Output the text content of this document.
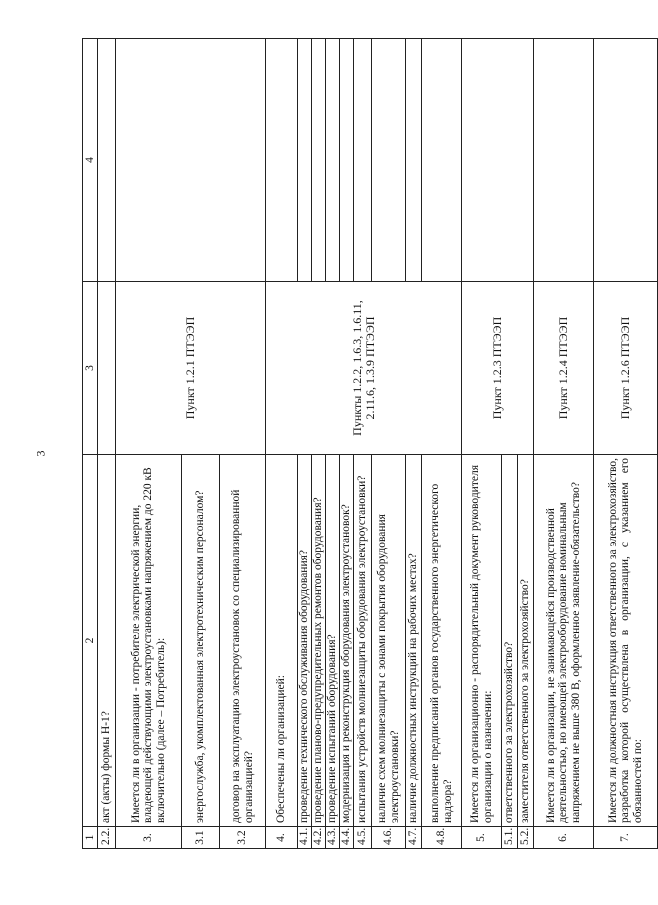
3
1	2	3	4
2.2.	акт (акты) формы Н-1?		
3.	Имеется ли в организации - потребителе электрической энергии, владеющей действующими электроустановками напряжением до 220 кВ включительно (далее – Потребитель):	Пункт 1.2.1 ПТЭЭП	
3.1	энергослужба, укомплектованная электротехническим персоналом?		
3.2	договор на эксплуатацию электроустановок со специализированной организацией?		
4.	Обеспечены ли организацией:	Пункты 1.2.2, 1.6.3, 1.6.11, 2.11.6, 1.3.9 ПТЭЭП	
4.1.	проведение технического обслуживания оборудования?		
4.2.	проведение планово-предупредительных ремонтов оборудования?		
4.3.	проведение испытаний оборудования?		
4.4.	модернизация и реконструкция оборудования электроустановок?		
4.5.	испытания устройств молниезащиты оборудования электроустановки?		
4.6.	наличие схем молниезащиты с зонами покрытия оборудования электроустановки?		
4.7.	наличие должностных инструкций на рабочих местах?		
4.8.	выполнение предписаний органов государственного энергетического надзора?		
5.	Имеется ли организационно - распорядительный документ руководителя организации о назначении:	Пункт 1.2.3 ПТЭЭП	
5.1.	ответственного за электрохозяйство?		
5.2.	заместителя ответственного за электрохозяйство?		
6.	Имеется ли в организации, не занимающейся производственной деятельностью, но имеющей электрооборудование номинальным напряжением не выше 380 В, оформленное заявление-обязательство?	Пункт 1.2.4 ПТЭЭП	
7.	Имеется ли должностная инструкция ответственного за электрохозяйство, разработка которой осуществлена в организации, с указанием его обязанностей по:	Пункт 1.2.6 ПТЭЭП	
